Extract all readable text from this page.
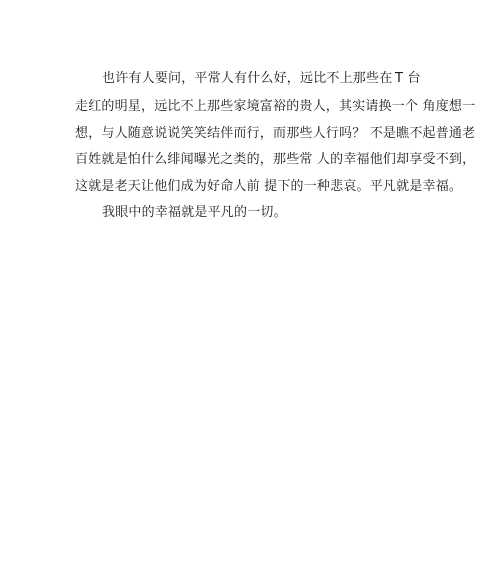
也许有人要问，平常人有什么好，远比不上那些在 T 台
走红的明星，远比不上那些家境富裕的贵人，其实请换一个 角度想一
想，与人随意说说笑笑结伴而行，而那些人行吗？ 不是瞧不起普通老
百姓就是怕什么绯闻曝光之类的，那些常 人的幸福他们却享受不到，
这就是老天让他们成为好命人前 提下的一种悲哀。平凡就是幸福。
我眼中的幸福就是平凡的一切。
